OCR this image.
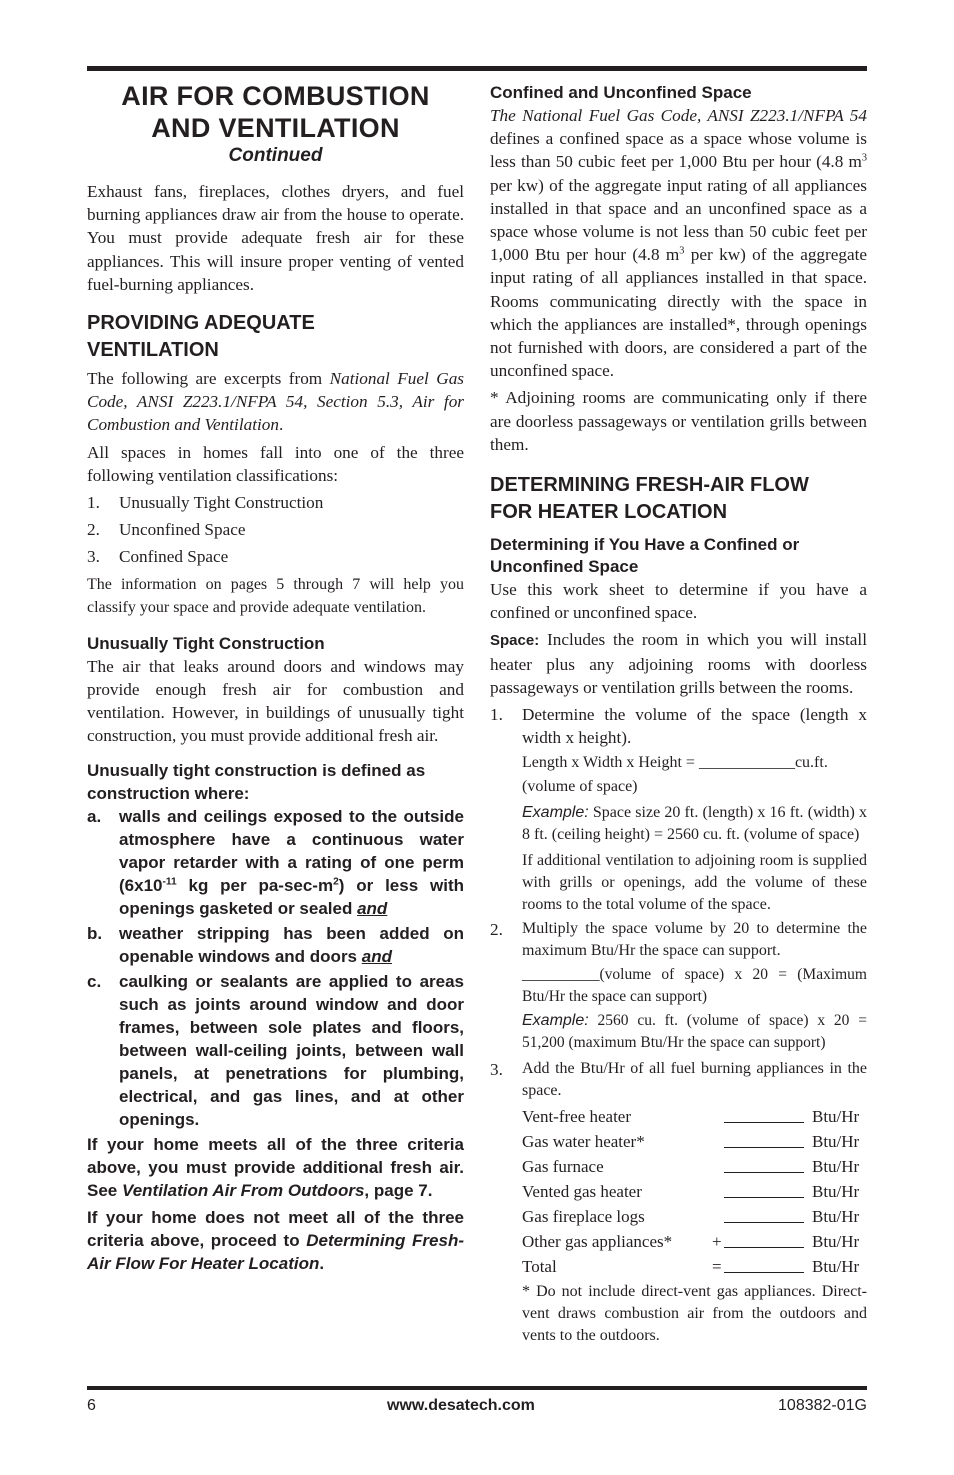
AIR FOR COMBUSTION
AND VENTILATION

Continued

Exhaust fans, fireplaces, clothes dryers, and fuel burning appliances draw air from the house to operate. You must provide adequate fresh air for these appliances. This will insure proper venting of vented fuel-burning appliances.

PROVIDING ADEQUATE VENTILATION

The following are excerpts from National Fuel Gas Code, ANSI Z223.1/NFPA 54, Section 5.3, Air for Combustion and Ventilation.

All spaces in homes fall into one of the three following ventilation classifications:

1.	Unusually Tight Construction
2.	Unconfined Space
3.	Confined Space

The information on pages 5 through 7 will help you classify your space and provide adequate ventilation.

Unusually Tight Construction

The air that leaks around doors and windows may provide enough fresh air for combustion and ventilation. However, in buildings of unusually tight construction, you must provide additional fresh air.

Unusually tight construction is defined as construction where:

a.	walls and ceilings exposed to the outside atmosphere have a continuous water vapor retarder with a rating of one perm ($6x10^{-11}$ kg per $pa-\sec-m^2$) or less with openings gasketed or sealed and
b. weather stripping has been added on openable windows and doors and
c.	caulking or sealants are applied to areas such as joints around window and door frames, between sole plates and floors, between wall-ceiling joints, between wall panels, at penetrations for plumbing, electrical, and gas lines, and at other openings.

If your home meets all of the three criteria above, you must provide additional fresh air. See Ventilation Air From Outdoors, page 7.

If your home does not meet all of the three criteria above, proceed to Determining Fresh-Air Flow For Heater Location.

Confined and Unconfined Space

The National Fuel Gas Code, ANSI Z223.1/NFPA 54 defines a confined space as a space whose volume is less than 50 cubic feet per 1,000 Btu per hour (4.8 $m^3$ per kw) of the aggregate input rating of all appliances installed in that space and an unconfined space as a space whose volume is not less than 50 cubic feet per 1,000 Btu per hour (4.8 $m^3$ per kw) of the aggregate input rating of all appliances installed in that space. Rooms communicating directly with the space in which the appliances are installed*, through openings not furnished with doors, are considered a part of the unconfined space.

* Adjoining rooms are communicating only if there are doorless passageways or ventilation grills between them.

DETERMINING FRESH-AIR FLOW FOR HEATER LOCATION
Determining if You Have a Confined or Unconfined Space

Use this work sheet to determine if you have a confined or unconfined space.

Space: Includes the room in which you will install heater plus any adjoining rooms with doorless passageways or ventilation grills between the rooms.

1.	Determine the volume of the space (length x width x height).

Length x Width x Height = ____________cu.ft. (volume of space)

Example: Space size 20 ft. (length) x 16 ft. (width) x 8 ft. (ceiling height) = 2560 cu. ft. (volume of space)

If additional ventilation to adjoining room is supplied with grills or openings, add the volume of these rooms to the total volume of the space.

2.	Multiply the space volume by 20 to determine the maximum Btu/Hr the space can support.

__________(volume of space) x 20 = (Maximum Btu/Hr the space can support)

Example: 2560 cu. ft. (volume of space) x 20 = 51,200 (maximum Btu/Hr the space can support)

3.	Add the Btu/Hr of all fuel burning appliances in the space.

Vent-free heater	Btu/Hr
Gas water heater*	Btu/Hr
Gas furnace	Btu/Hr
Vented gas heater	Btu/Hr
Gas fireplace logs	Btu/Hr
Other gas appliances*	+	Btu/Hr
Total	=	Btu/Hr

* Do not include direct-vent gas appliances. Direct-vent draws combustion air from the outdoors and vents to the outdoors.

6	www.desatech.com	108382-01G
